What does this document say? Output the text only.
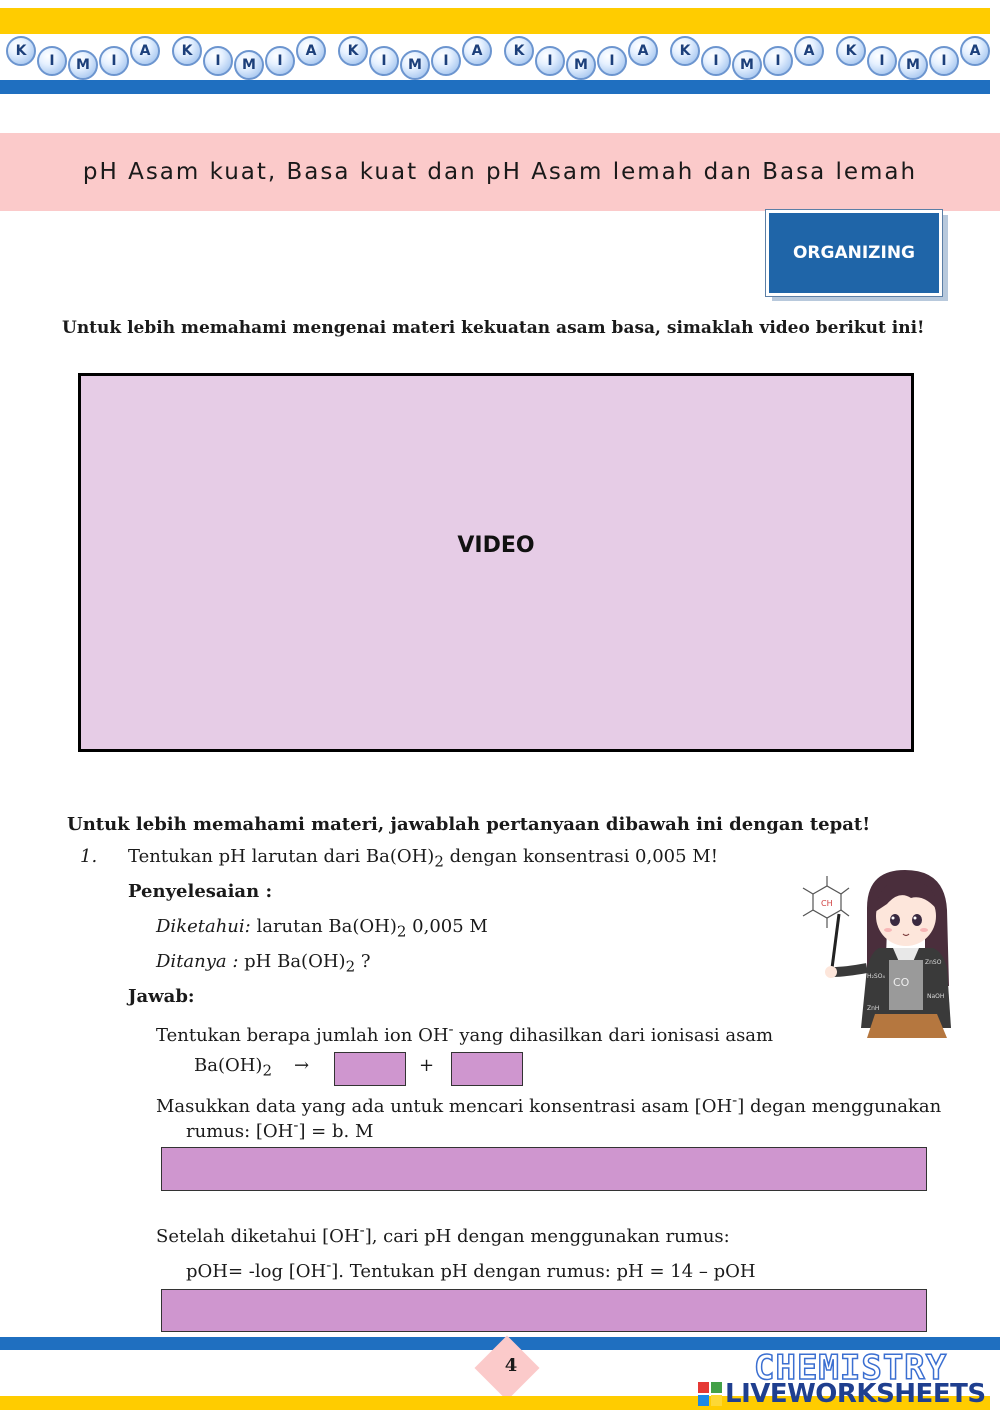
K
I	M	I
A	K
I	M	I
A	K
I	M	I
A	K
I	M	I
A	K
I	M	I
A	K
I	M	I
A
pH Asam kuat, Basa kuat dan pH Asam lemah dan Basa lemah
ORGANIZING
Untuk lebih memahami mengenai materi kekuatan asam basa, simaklah video berikut ini!
VIDEO
Untuk lebih memahami materi, jawablah pertanyaan dibawah ini dengan tepat!
1. Tentukan pH larutan dari $Ba(OH)_2$ dengan konsentrasi 0,005 M!
Penyelesaian :
Diketahui: larutan $Ba(OH)_2$ 0,005 M
Ditanya : pH $Ba(OH)_2$ ?
Jawab:
Tentukan berapa jumlah ion OH- yang dihasilkan dari ionisasi asam
$Ba(OH)_2$ →	+
Masukkan data yang ada untuk mencari konsentrasi asam [OH-] degan menggunakan
rumus: [OH-] = b. M
Setelah diketahui [OH-], cari pH dengan menggunakan rumus:
pOH= -log [OH-]. Tentukan pH dengan rumus: pH = 14 – pOH
CH
CO
H₂SO₄
ZnSO
NaOH
ZnH
4	CHEMISTRY
LIVEWORKSHEETS
